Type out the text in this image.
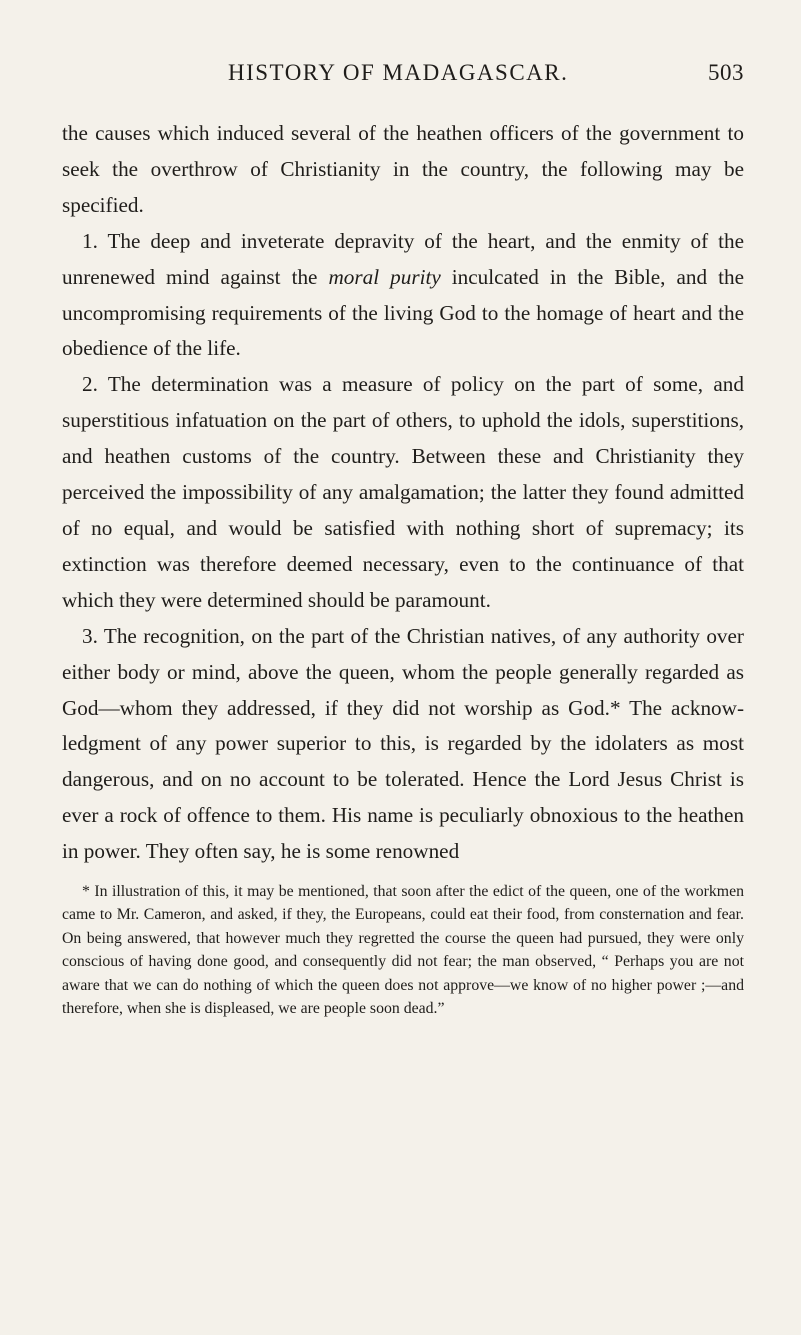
HISTORY OF MADAGASCAR.	503

the causes which induced several of the heathen officers of the government to seek the overthrow of Christianity in the country, the following may be specified.

1. The deep and inveterate depravity of the heart, and the enmity of the unrenewed mind against the moral purity inculcated in the Bible, and the uncompromising requirements of the living God to the homage of heart and the obedience of the life.

2. The determination was a measure of policy on the part of some, and superstitious infatuation on the part of others, to uphold the idols, superstitions, and heathen customs of the country. Between these and Christianity they perceived the impossibility of any amalgamation; the latter they found admitted of no equal, and would be satisfied with nothing short of supremacy; its extinction was therefore deemed necessary, even to the continuance of that which they were determined should be paramount.

3. The recognition, on the part of the Christian natives, of any authority over either body or mind, above the queen, whom the people generally regarded as God—whom they addressed, if they did not worship as God.* The acknowledgment of any power superior to this, is regarded by the idolaters as most dangerous, and on no account to be tolerated. Hence the Lord Jesus Christ is ever a rock of offence to them. His name is peculiarly obnoxious to the heathen in power. They often say, he is some renowned

* In illustration of this, it may be mentioned, that soon after the edict of the queen, one of the workmen came to Mr. Cameron, and asked, if they, the Europeans, could eat their food, from consternation and fear. On being answered, that however much they regretted the course the queen had pursued, they were only conscious of having done good, and consequently did not fear; the man observed, “ Perhaps you are not aware that we can do nothing of which the queen does not approve—we know of no higher power ;—and therefore, when she is displeased, we are people soon dead.”
